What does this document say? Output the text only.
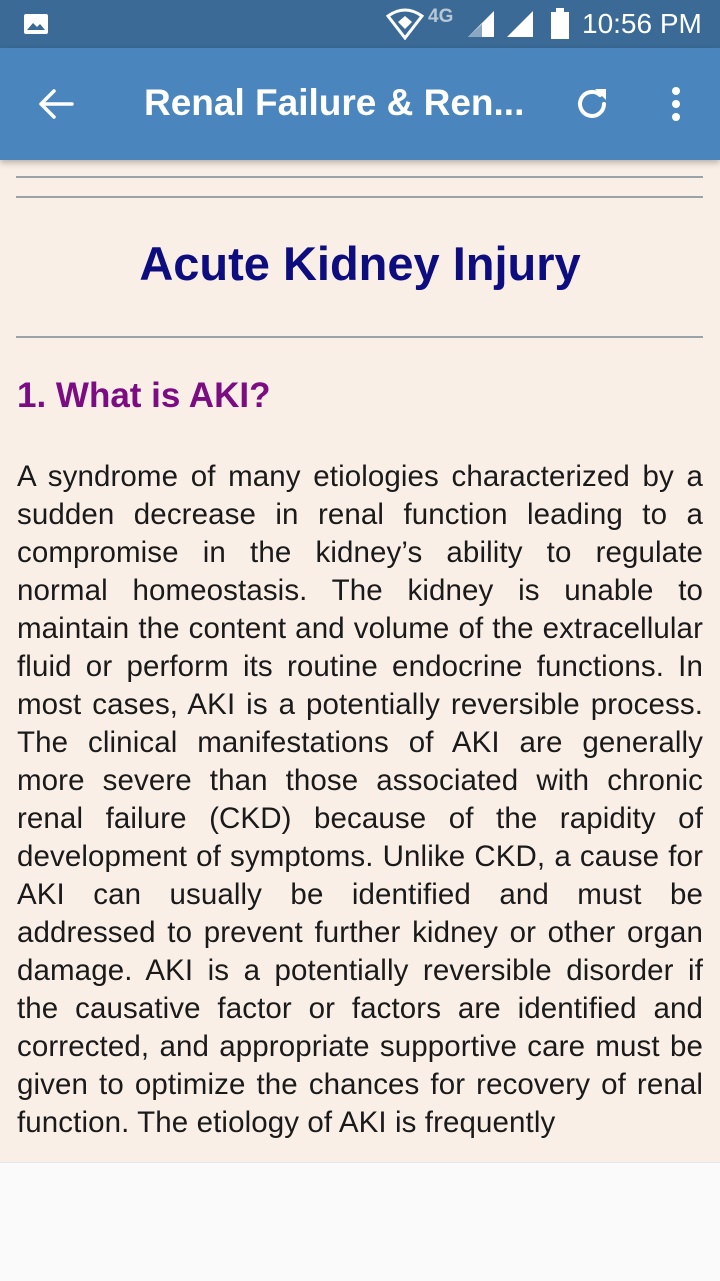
4G	10:56 PM
Renal Failure & Ren...
Acute Kidney Injury
1. What is AKI?
A syndrome of many etiologies characterized by a sudden decrease in renal function leading to a compromise in the kidney’s ability to regulate normal homeostasis. The kidney is unable to maintain the content and volume of the extracellular fluid or perform its routine endocrine functions. In most cases, AKI is a potentially reversible process. The clinical manifestations of AKI are generally more severe than those associated with chronic renal failure (CKD) because of the rapidity of development of symptoms. Unlike CKD, a cause for AKI can usually be identified and must be addressed to prevent further kidney or other organ damage. AKI is a potentially reversible disorder if the causative factor or factors are identified and corrected, and appropriate supportive care must be given to optimize the chances for recovery of renal function. The etiology of AKI is frequently
